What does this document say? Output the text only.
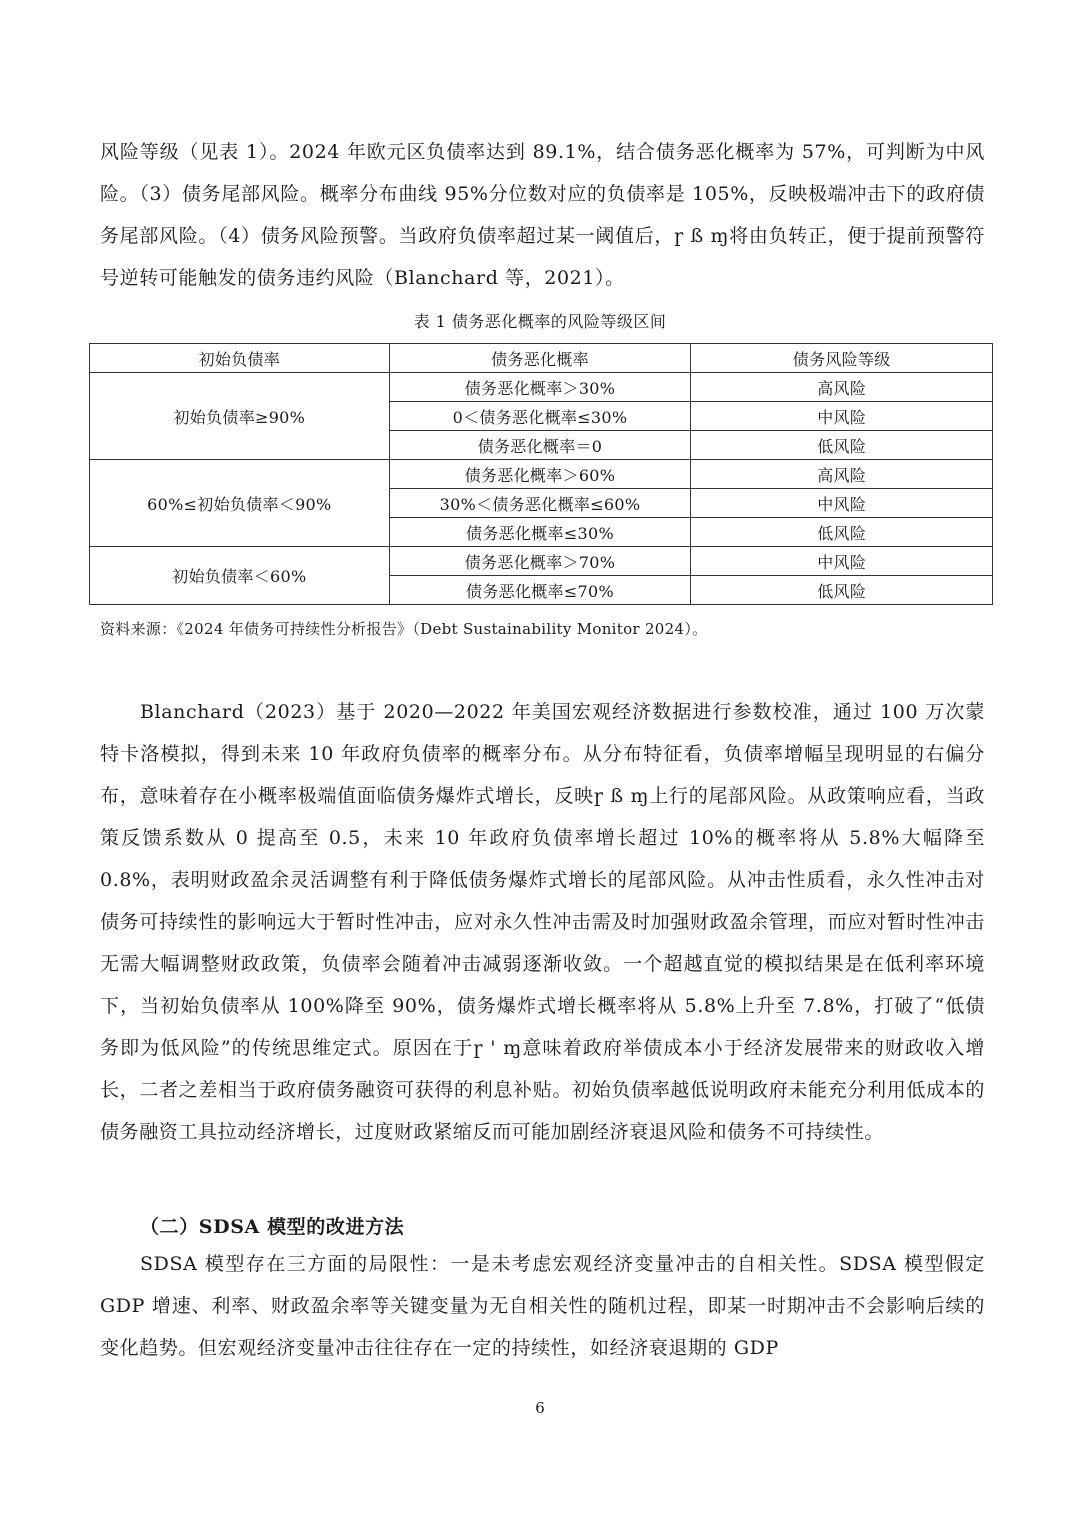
风险等级（见表 1）。2024 年欧元区负债率达到 89.1%，结合债务恶化概率为 57%，可判断为中风险。（3）债务尾部风险。概率分布曲线 95%分位数对应的负债率是 105%，反映极端冲击下的政府债务尾部风险。（4）债务风险预警。当政府负债率超过某一阈值后，ɼ ß ɱ将由负转正，便于提前预警符号逆转可能触发的债务违约风险（Blanchard 等，2021）。

表 1 债务恶化概率的风险等级区间
初始负债率	债务恶化概率	债务风险等级
初始负债率≥90%	债务恶化概率＞30%	高风险
	0＜债务恶化概率≤30%	中风险
	债务恶化概率＝0	低风险
60%≤初始负债率＜90%	债务恶化概率＞60%	高风险
	30%＜债务恶化概率≤60%	中风险
	债务恶化概率≤30%	低风险
初始负债率＜60%	债务恶化概率＞70%	中风险
	债务恶化概率≤70%	低风险
资料来源：《2024 年债务可持续性分析报告》（Debt Sustainability Monitor 2024）。

Blanchard（2023）基于 2020—2022 年美国宏观经济数据进行参数校准，通过 100 万次蒙特卡洛模拟，得到未来 10 年政府负债率的概率分布。从分布特征看，负债率增幅呈现明显的右偏分布，意味着存在小概率极端值面临债务爆炸式增长，反映ɼ ß ɱ上行的尾部风险。从政策响应看，当政策反馈系数从 0 提高至 0.5，未来 10 年政府负债率增长超过 10%的概率将从 5.8%大幅降至 0.8%，表明财政盈余灵活调整有利于降低债务爆炸式增长的尾部风险。从冲击性质看，永久性冲击对债务可持续性的影响远大于暂时性冲击，应对永久性冲击需及时加强财政盈余管理，而应对暂时性冲击无需大幅调整财政政策，负债率会随着冲击减弱逐渐收敛。一个超越直觉的模拟结果是在低利率环境下，当初始负债率从 100%降至 90%，债务爆炸式增长概率将从 5.8%上升至 7.8%，打破了“低债务即为低风险”的传统思维定式。原因在于ɼ ' ɱ意味着政府举债成本小于经济发展带来的财政收入增长，二者之差相当于政府债务融资可获得的利息补贴。初始负债率越低说明政府未能充分利用低成本的债务融资工具拉动经济增长，过度财政紧缩反而可能加剧经济衰退风险和债务不可持续性。

（二）SDSA 模型的改进方法

SDSA 模型存在三方面的局限性：一是未考虑宏观经济变量冲击的自相关性。SDSA 模型假定 GDP 增速、利率、财政盈余率等关键变量为无自相关性的随机过程，即某一时期冲击不会影响后续的变化趋势。但宏观经济变量冲击往往存在一定的持续性，如经济衰退期的 GDP

6
